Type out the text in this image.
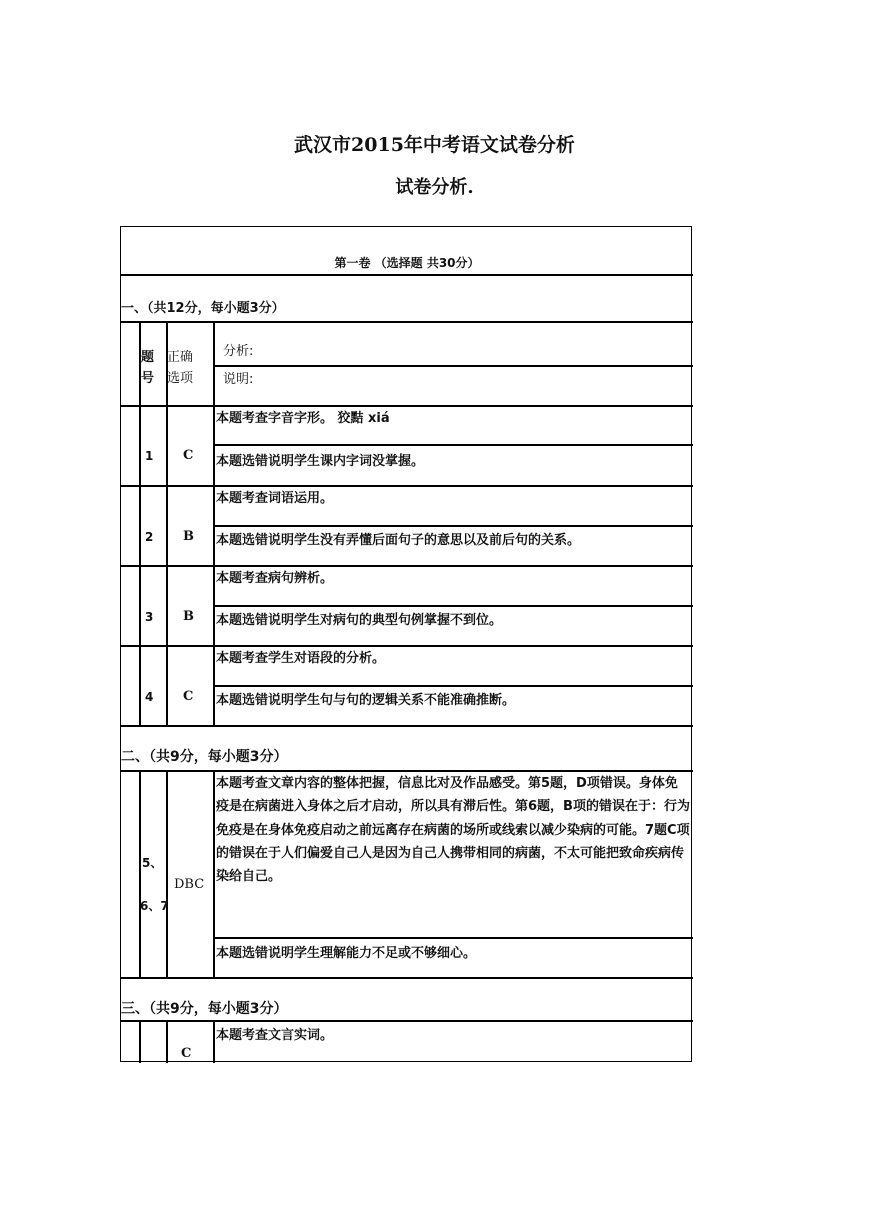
武汉市2015年中考语文试卷分析
试卷分析.
第一卷 （选择题 共30分）
一、（共12分，每小题3分）
题
号
正确
选项
分析:
说明:
1 C
本题考查字音字形。 狡黠 xiá
本题选错说明学生课内字词没掌握。
2 B
本题考查词语运用。
本题选错说明学生没有弄懂后面句子的意思以及前后句的关系。
3 B
本题考查病句辨析。
本题选错说明学生对病句的典型句例掌握不到位。
4 C
本题考查学生对语段的分析。
本题选错说明学生句与句的逻辑关系不能准确推断。
二、（共9分，每小题3分）
5、
6、7
DBC
本题考查文章内容的整体把握，信息比对及作品感受。第5题，D项错误。身体免疫是在病菌进入身体之后才启动，所以具有滞后性。第6题，B项的错误在于：行为免疫是在身体免疫启动之前远离存在病菌的场所或线索以减少染病的可能。7题C项的错误在于人们偏爱自己人是因为自己人携带相同的病菌，不太可能把致命疾病传染给自己。
本题选错说明学生理解能力不足或不够细心。
三、（共9分，每小题3分）
C
本题考查文言实词。
